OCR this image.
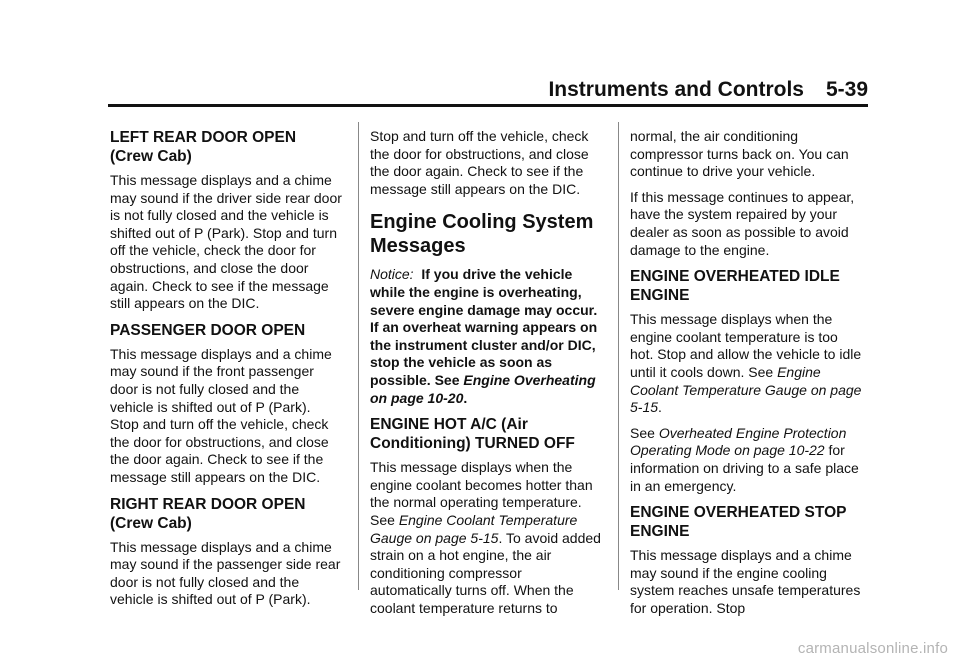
Instruments and Controls 5-39
LEFT REAR DOOR OPEN (Crew Cab)

This message displays and a chime may sound if the driver side rear door is not fully closed and the vehicle is shifted out of P (Park). Stop and turn off the vehicle, check the door for obstructions, and close the door again. Check to see if the message still appears on the DIC.

PASSENGER DOOR OPEN

This message displays and a chime may sound if the front passenger door is not fully closed and the vehicle is shifted out of P (Park). Stop and turn off the vehicle, check the door for obstructions, and close the door again. Check to see if the message still appears on the DIC.

RIGHT REAR DOOR OPEN (Crew Cab)

This message displays and a chime may sound if the passenger side rear door is not fully closed and the vehicle is shifted out of P (Park).

Stop and turn off the vehicle, check the door for obstructions, and close the door again. Check to see if the message still appears on the DIC.

Engine Cooling System Messages

Notice: If you drive the vehicle while the engine is overheating, severe engine damage may occur. If an overheat warning appears on the instrument cluster and/or DIC, stop the vehicle as soon as possible. See Engine Overheating on page 10-20.

ENGINE HOT A/C (Air Conditioning) TURNED OFF

This message displays when the engine coolant becomes hotter than the normal operating temperature. See Engine Coolant Temperature Gauge on page 5-15. To avoid added strain on a hot engine, the air conditioning compressor automatically turns off. When the coolant temperature returns to

normal, the air conditioning compressor turns back on. You can continue to drive your vehicle.

If this message continues to appear, have the system repaired by your dealer as soon as possible to avoid damage to the engine.

ENGINE OVERHEATED IDLE ENGINE

This message displays when the engine coolant temperature is too hot. Stop and allow the vehicle to idle until it cools down. See Engine Coolant Temperature Gauge on page 5-15.

See Overheated Engine Protection Operating Mode on page 10-22 for information on driving to a safe place in an emergency.

ENGINE OVERHEATED STOP ENGINE

This message displays and a chime may sound if the engine cooling system reaches unsafe temperatures for operation. Stop

carmanualsonline.info
